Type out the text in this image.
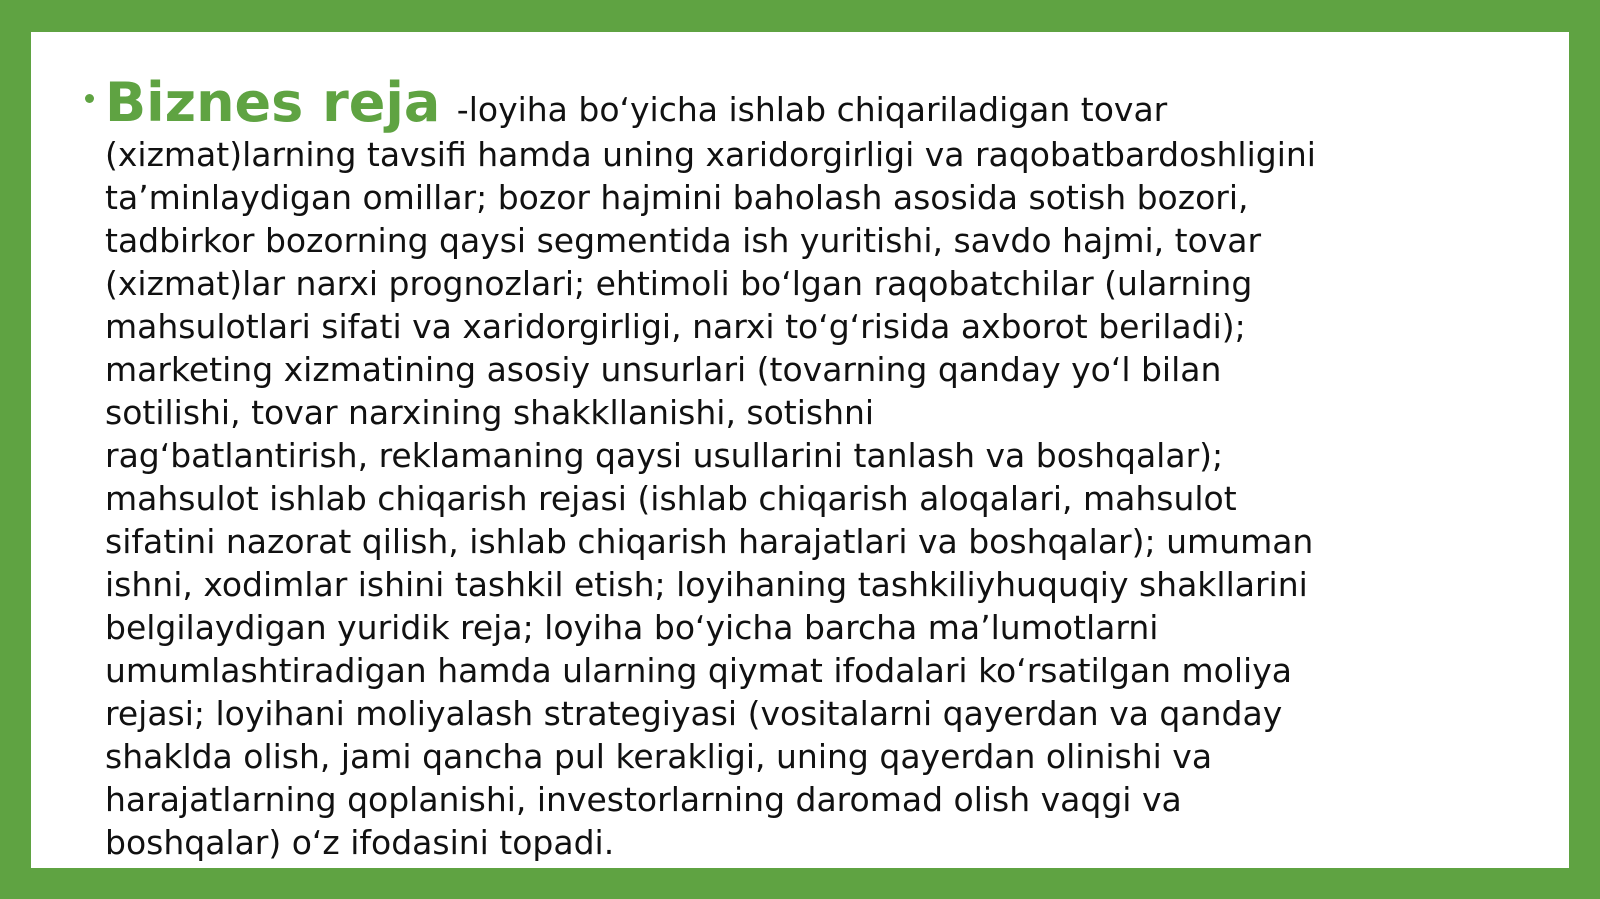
Biznes reja -loyiha bo‘yicha ishlab chiqariladigan tovar
(xizmat)larning tavsifi hamda uning xaridorgirligi va raqobatbardoshligini
ta’minlaydigan omillar; bozor hajmini baholash asosida sotish bozori,
tadbirkor bozorning qaysi segmentida ish yuritishi, savdo hajmi, tovar
(xizmat)lar narxi prognozlari; ehtimoli bo‘lgan raqobatchilar (ularning
mahsulotlari sifati va xaridorgirligi, narxi to‘g‘risida axborot beriladi);
marketing xizmatining asosiy unsurlari (tovarning qanday yo‘l bilan
sotilishi, tovar narxining shakkllanishi, sotishni
rag‘batlantirish, reklamaning qaysi usullarini tanlash va boshqalar);
mahsulot ishlab chiqarish rejasi (ishlab chiqarish aloqalari, mahsulot
sifatini nazorat qilish, ishlab chiqarish harajatlari va boshqalar); umuman
ishni, xodimlar ishini tashkil etish; loyihaning tashkiliyhuquqiy shakllarini
belgilaydigan yuridik reja; loyiha bo‘yicha barcha ma’lumotlarni
umumlashtiradigan hamda ularning qiymat ifodalari ko‘rsatilgan moliya
rejasi; loyihani moliyalash strategiyasi (vositalarni qayerdan va qanday
shaklda olish, jami qancha pul kerakligi, uning qayerdan olinishi va
harajatlarning qoplanishi, investorlarning daromad olish vaqgi va
boshqalar) o‘z ifodasini topadi.
